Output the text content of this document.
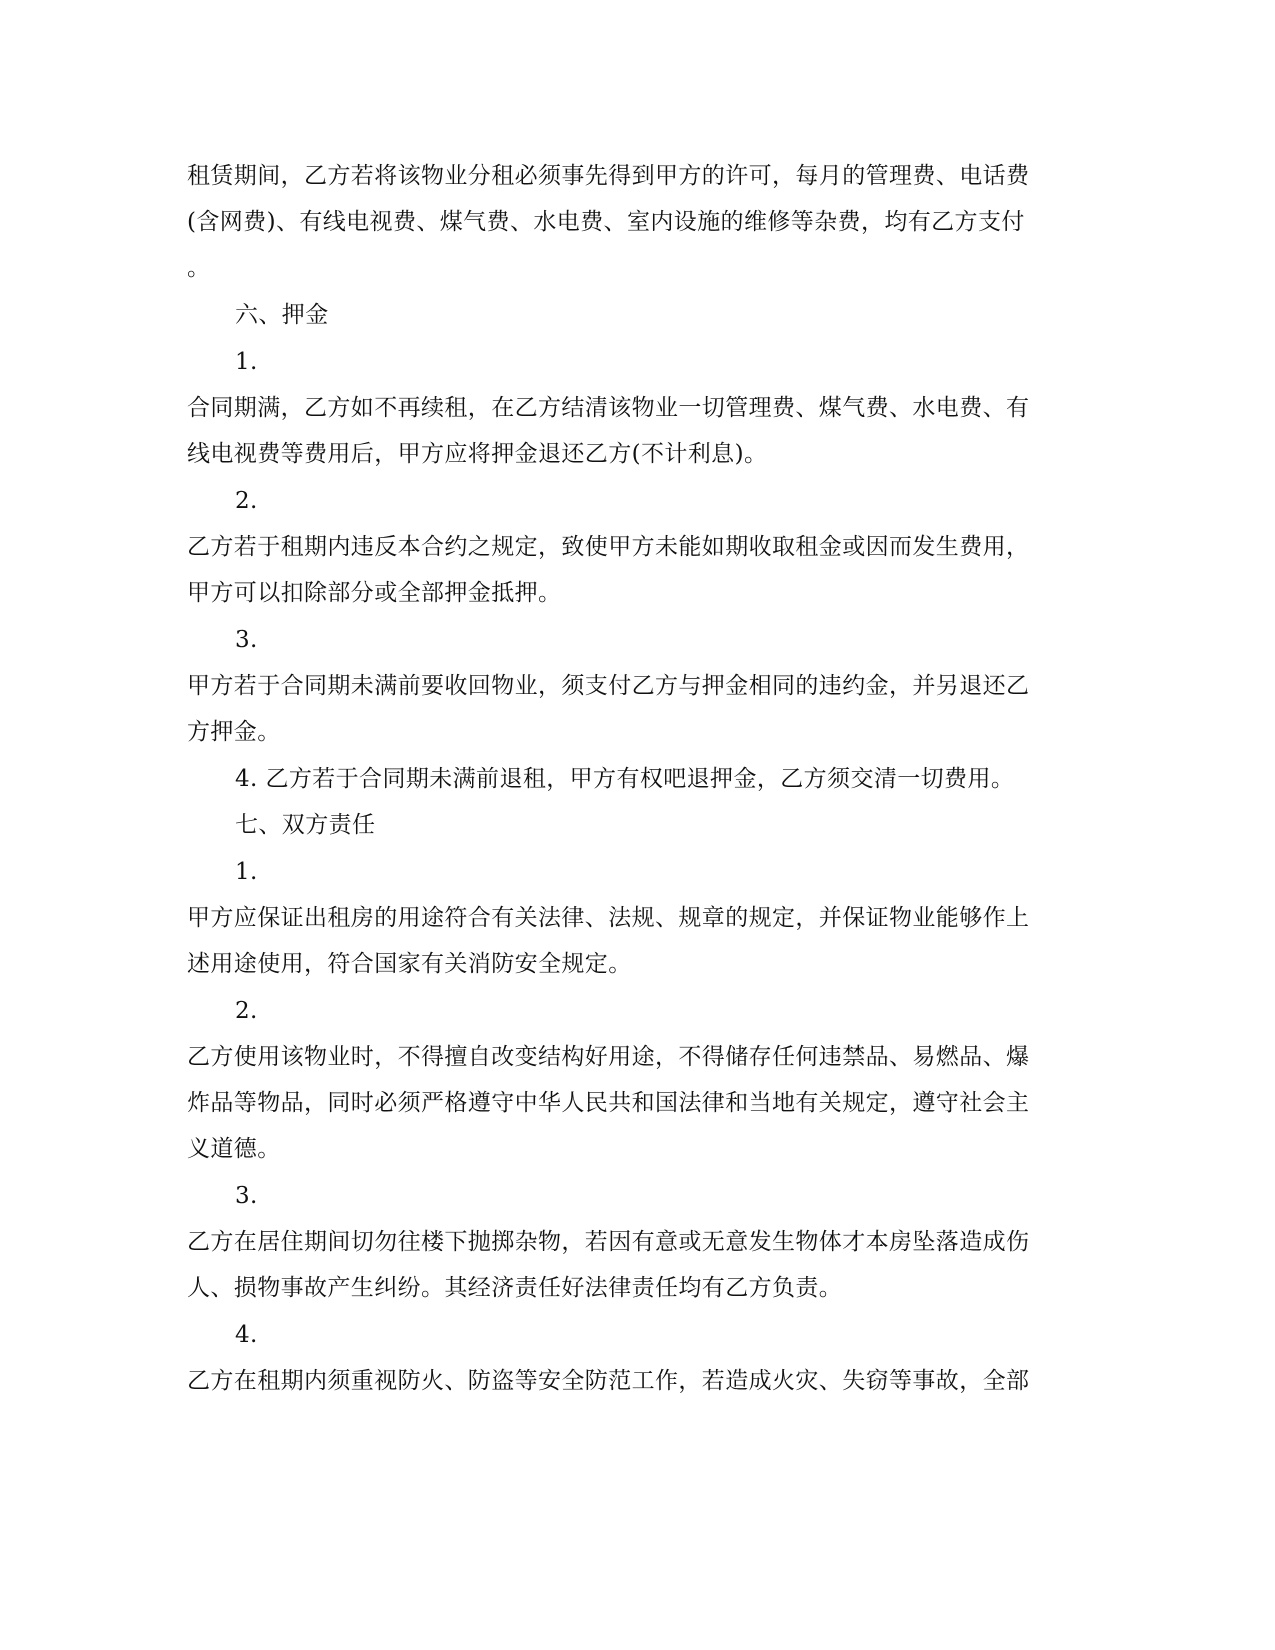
租赁期间，乙方若将该物业分租必须事先得到甲方的许可，每月的管理费、电话费
(含网费)、有线电视费、煤气费、水电费、室内设施的维修等杂费，均有乙方支付
。
六、押金
1.
合同期满，乙方如不再续租，在乙方结清该物业一切管理费、煤气费、水电费、有
线电视费等费用后，甲方应将押金退还乙方(不计利息)。
2.
乙方若于租期内违反本合约之规定，致使甲方未能如期收取租金或因而发生费用，
甲方可以扣除部分或全部押金抵押。
3.
甲方若于合同期未满前要收回物业，须支付乙方与押金相同的违约金，并另退还乙
方押金。
4. 乙方若于合同期未满前退租，甲方有权吧退押金，乙方须交清一切费用。
七、双方责任
1.
甲方应保证出租房的用途符合有关法律、法规、规章的规定，并保证物业能够作上
述用途使用，符合国家有关消防安全规定。
2.
乙方使用该物业时，不得擅自改变结构好用途，不得储存任何违禁品、易燃品、爆
炸品等物品，同时必须严格遵守中华人民共和国法律和当地有关规定，遵守社会主
义道德。
3.
乙方在居住期间切勿往楼下抛掷杂物，若因有意或无意发生物体才本房坠落造成伤
人、损物事故产生纠纷。其经济责任好法律责任均有乙方负责。
4.
乙方在租期内须重视防火、防盗等安全防范工作，若造成火灾、失窃等事故，全部
